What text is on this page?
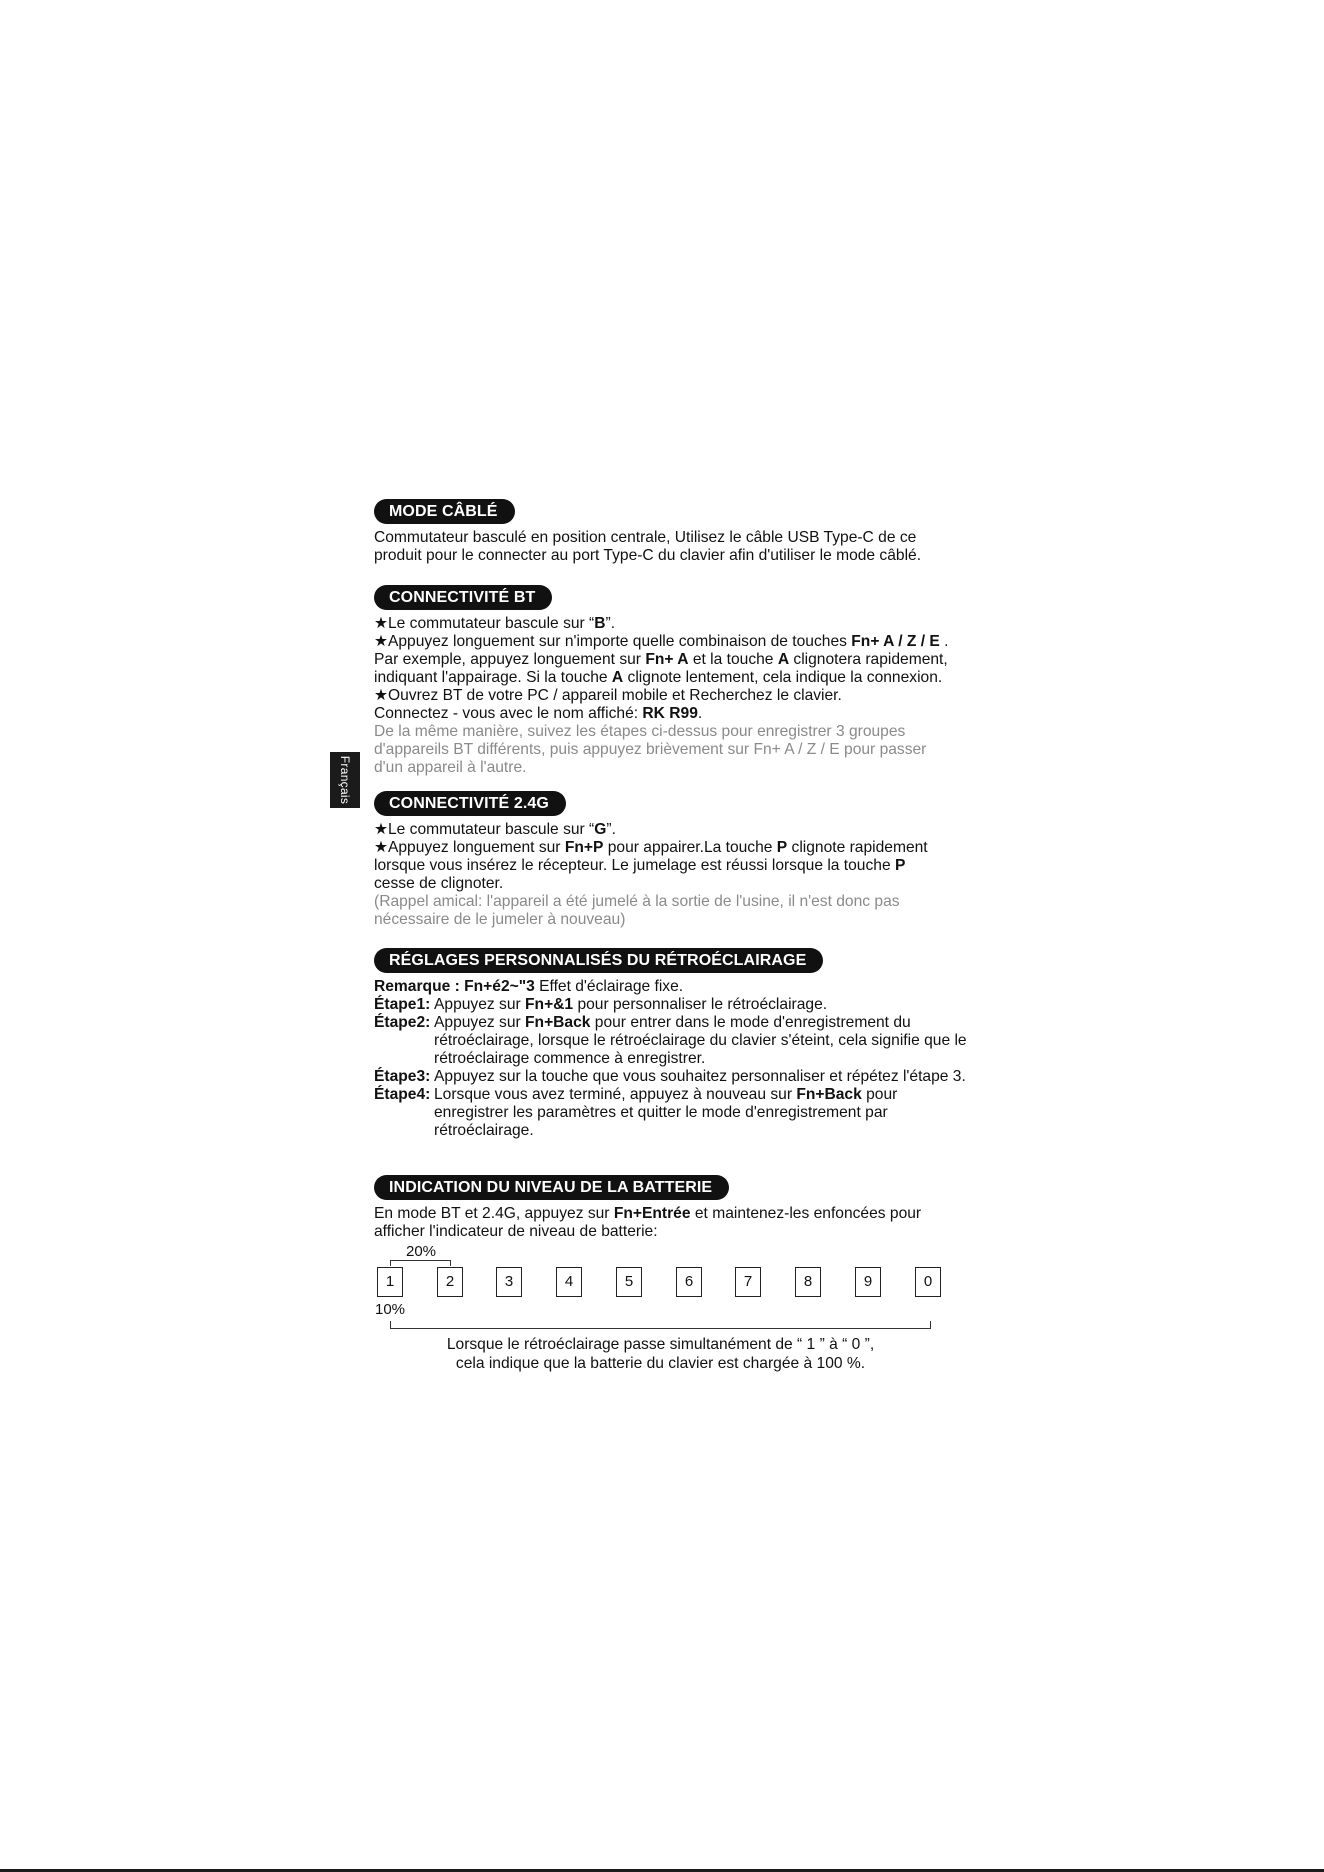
Français
MODE CÂBLÉ
Commutateur basculé en position centrale, Utilisez le câble USB Type-C de ce
produit pour le connecter au port Type-C du clavier afin d'utiliser le mode câblé.
CONNECTIVITÉ BT
★Le commutateur bascule sur “B”.
★Appuyez longuement sur n'importe quelle combinaison de touches Fn+ A / Z / E .
Par exemple, appuyez longuement sur Fn+ A et la touche A clignotera rapidement,
indiquant l'appairage. Si la touche A clignote lentement, cela indique la connexion.
★Ouvrez BT de votre PC / appareil mobile et Recherchez le clavier.
Connectez - vous avec le nom affiché: RK R99.
De la même manière, suivez les étapes ci-dessus pour enregistrer 3 groupes
d'appareils BT différents, puis appuyez brièvement sur Fn+ A / Z / E pour passer
d'un appareil à l'autre.
CONNECTIVITÉ 2.4G
★Le commutateur bascule sur “G”.
★Appuyez longuement sur Fn+P pour appairer.La touche P clignote rapidement
lorsque vous insérez le récepteur. Le jumelage est réussi lorsque la touche P
cesse de clignoter.
(Rappel amical: l'appareil a été jumelé à la sortie de l'usine, il n'est donc pas
nécessaire de le jumeler à nouveau)
RÉGLAGES PERSONNALISÉS DU RÉTROÉCLAIRAGE
Remarque : Fn+é2~"3 Effet d'éclairage fixe.
Étape1: Appuyez sur Fn+&1 pour personnaliser le rétroéclairage.
Étape2: Appuyez sur Fn+Back pour entrer dans le mode d'enregistrement du rétroéclairage, lorsque le rétroéclairage du clavier s'éteint, cela signifie que le rétroéclairage commence à enregistrer.
Étape3: Appuyez sur la touche que vous souhaitez personnaliser et répétez l'étape 3.
Étape4: Lorsque vous avez terminé, appuyez à nouveau sur Fn+Back pour enregistrer les paramètres et quitter le mode d'enregistrement par rétroéclairage.
INDICATION DU NIVEAU DE LA BATTERIE
En mode BT et 2.4G, appuyez sur Fn+Entrée et maintenez-les enfoncées pour
afficher l'indicateur de niveau de batterie:
20%
1	2	3	4	5	6	7	8	9	0
10%
Lorsque le rétroéclairage passe simultanément de “ 1 ” à “ 0 ”,
cela indique que la batterie du clavier est chargée à 100 %.
